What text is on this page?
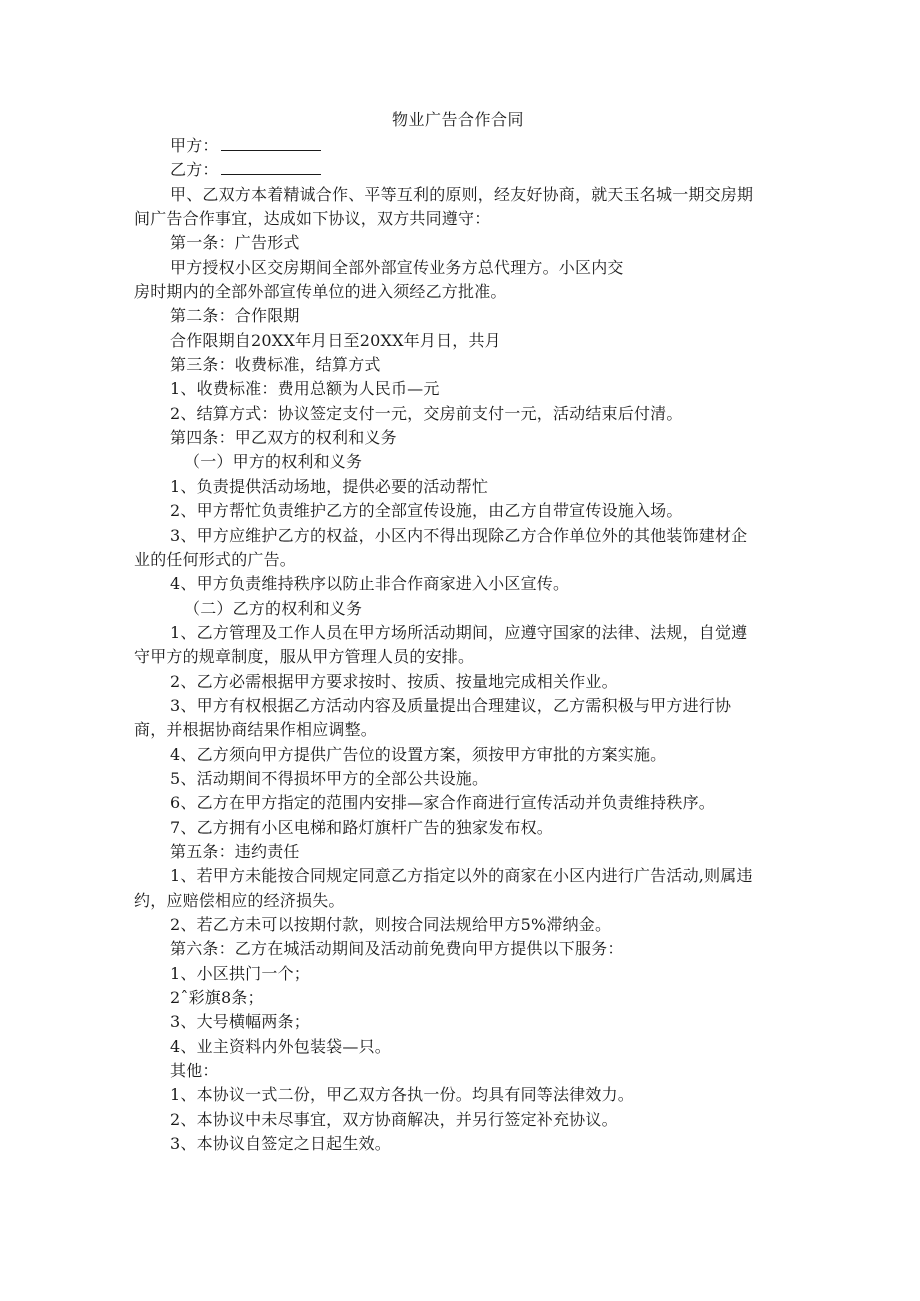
物业广告合作合同

甲方：

乙方：

甲、乙双方本着精诚合作、平等互利的原则，经友好协商，就天玉名城一期交房期

间广告合作事宜，达成如下协议，双方共同遵守：

第一条：广告形式

甲方授权小区交房期间全部外部宣传业务方总代理方。小区内交

房时期内的全部外部宣传单位的进入须经乙方批准。

第二条：合作限期

合作限期自20XX年月日至20XX年月日，共月

第三条：收费标准，结算方式

1、收费标准：费用总额为人民币—元

2、结算方式：协议签定支付一元，交房前支付一元，活动结束后付清。

第四条：甲乙双方的权利和义务

（一）甲方的权利和义务

1、负责提供活动场地，提供必要的活动帮忙

2、甲方帮忙负责维护乙方的全部宣传设施，由乙方自带宣传设施入场。

3、甲方应维护乙方的权益，小区内不得出现除乙方合作单位外的其他装饰建材企

业的任何形式的广告。

4、甲方负责维持秩序以防止非合作商家进入小区宣传。

（二）乙方的权利和义务

1、乙方管理及工作人员在甲方场所活动期间，应遵守国家的法律、法规，自觉遵

守甲方的规章制度，服从甲方管理人员的安排。

2、乙方必需根据甲方要求按时、按质、按量地完成相关作业。

3、甲方有权根据乙方活动内容及质量提出合理建议，乙方需积极与甲方进行协

商，并根据协商结果作相应调整。

4、乙方须向甲方提供广告位的设置方案，须按甲方审批的方案实施。

5、活动期间不得损坏甲方的全部公共设施。

6、乙方在甲方指定的范围内安排—家合作商进行宣传活动并负责维持秩序。

7、乙方拥有小区电梯和路灯旗杆广告的独家发布权。

第五条：违约责任

1、若甲方未能按合同规定同意乙方指定以外的商家在小区内进行广告活动,则属违

约，应赔偿相应的经济损失。

2、若乙方未可以按期付款，则按合同法规给甲方5%滞纳金。

第六条：乙方在城活动期间及活动前免费向甲方提供以下服务：

1、小区拱门一个；

2ˆ彩旗8条；

3、大号横幅两条；

4、业主资料内外包装袋—只。

其他：

1、本协议一式二份，甲乙双方各执一份。均具有同等法律效力。

2、本协议中未尽事宜，双方协商解决，并另行签定补充协议。

3、本协议自签定之日起生效。
